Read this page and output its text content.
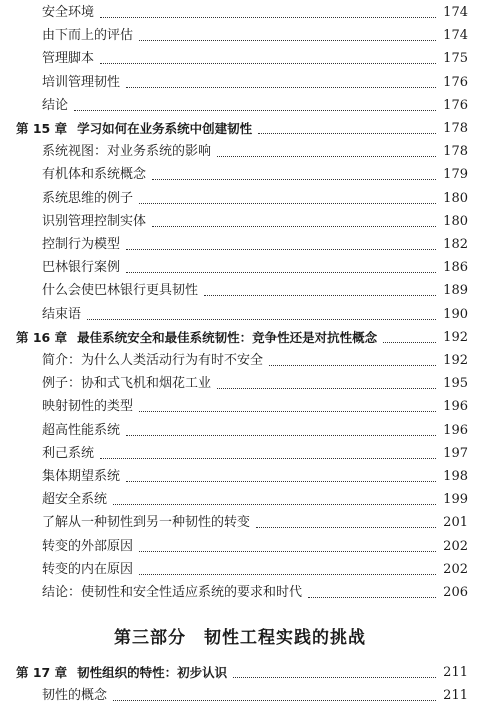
安全环境	174
由下而上的评估	174
管理脚本	175
培训管理韧性	176
结论	176
第 15 章 学习如何在业务系统中创建韧性	178
系统视图：对业务系统的影响	178
有机体和系统概念	179
系统思维的例子	180
识别管理控制实体	180
控制行为模型	182
巴林银行案例	186
什么会使巴林银行更具韧性	189
结束语	190
第 16 章 最佳系统安全和最佳系统韧性：竞争性还是对抗性概念	192
简介：为什么人类活动行为有时不安全	192
例子：协和式飞机和烟花工业	195
映射韧性的类型	196
超高性能系统	196
利己系统	197
集体期望系统	198
超安全系统	199
了解从一种韧性到另一种韧性的转变	201
转变的外部原因	202
转变的内在原因	202
结论：使韧性和安全性适应系统的要求和时代	206
第三部分　韧性工程实践的挑战
第 17 章 韧性组织的特性：初步认识	211
韧性的概念	211
